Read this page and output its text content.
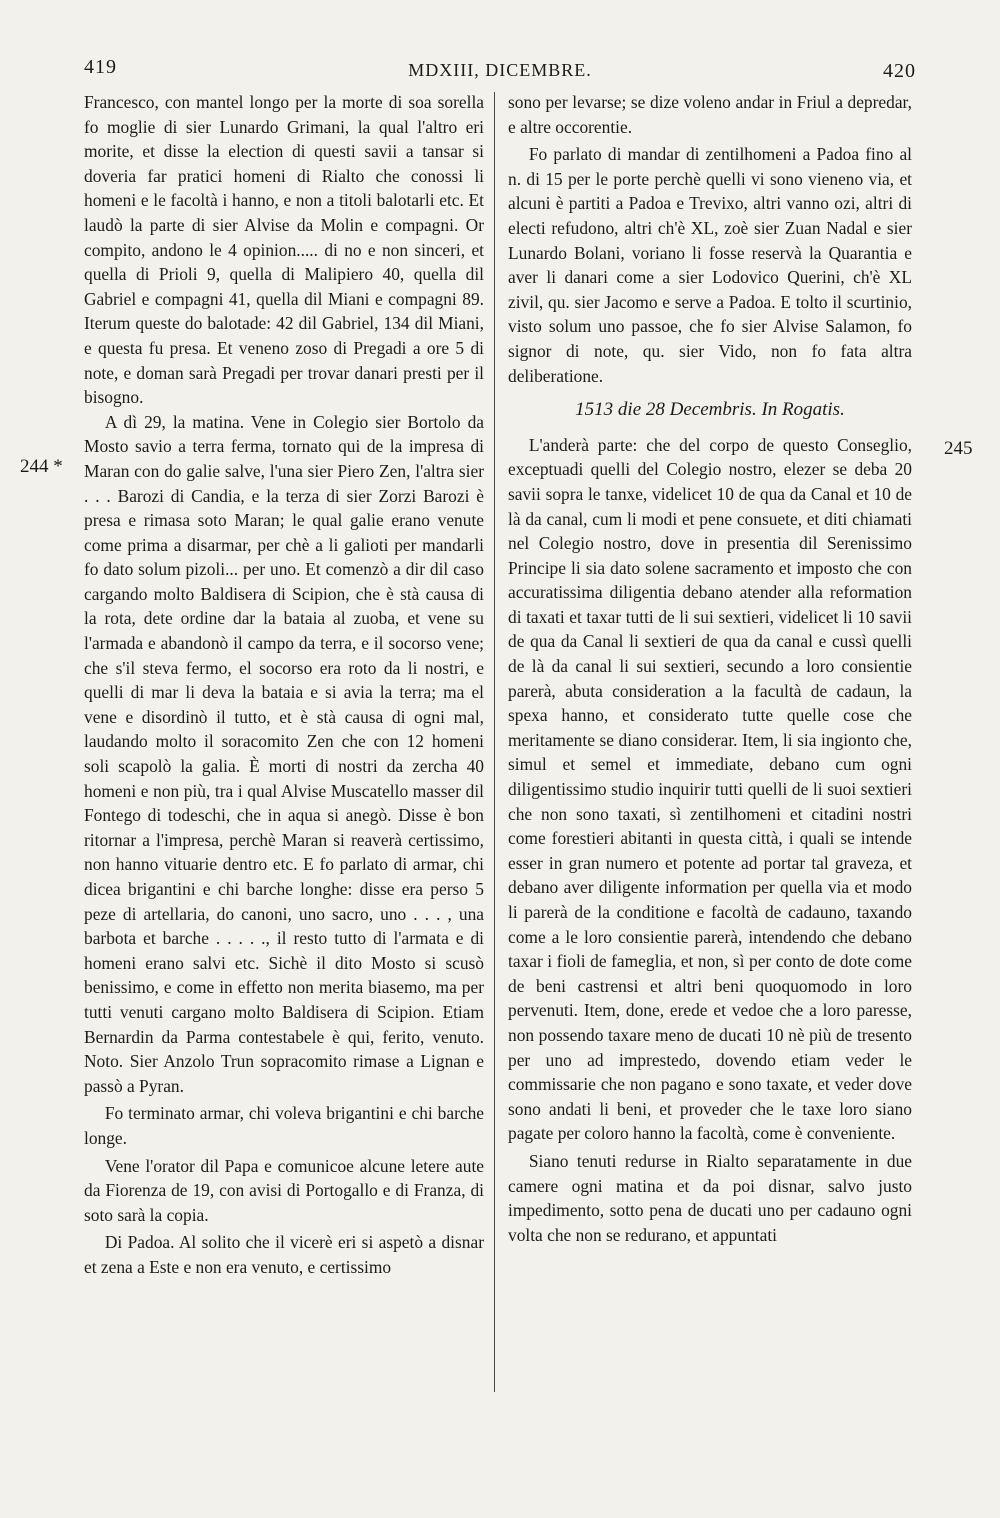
419	MDXIII, DICEMBRE.	420
244 *
245

Francesco, con mantel longo per la morte di soa sorella fo moglie di sier Lunardo Grimani, la qual l'altro eri morite, et disse la election di questi savii a tansar si doveria far pratici homeni di Rialto che conossi li homeni e le facoltà i hanno, e non a titoli balotarli etc. Et laudò la parte di sier Alvise da Molin e compagni. Or compito, andono le 4 opinion..... di no e non sinceri, et quella di Prioli 9, quella di Malipiero 40, quella dil Gabriel e compagni 41, quella dil Miani e compagni 89. Iterum queste do balotade: 42 dil Gabriel, 134 dil Miani, e questa fu presa. Et veneno zoso di Pregadi a ore 5 di note, e doman sarà Pregadi per trovar danari presti per il bisogno.

A dì 29, la matina. Vene in Colegio sier Bortolo da Mosto savio a terra ferma, tornato qui de la impresa di Maran con do galie salve, l'una sier Piero Zen, l'altra sier . . . Barozi di Candia, e la terza di sier Zorzi Barozi è presa e rimasa soto Maran; le qual galie erano venute come prima a disarmar, per chè a li galioti per mandarli fo dato solum pizoli... per uno. Et comenzò a dir dil caso cargando molto Baldisera di Scipion, che è stà causa di la rota, dete ordine dar la bataia al zuoba, et vene su l'armada e abandonò il campo da terra, e il socorso vene; che s'il steva fermo, el socorso era roto da li nostri, e quelli di mar li deva la bataia e si avia la terra; ma el vene e disordinò il tutto, et è stà causa di ogni mal, laudando molto il soracomito Zen che con 12 homeni soli scapolò la galia. È morti di nostri da zercha 40 homeni e non più, tra i qual Alvise Muscatello masser dil Fontego di todeschi, che in aqua si anegò. Disse è bon ritornar a l'impresa, perchè Maran si reaverà certissimo, non hanno vituarie dentro etc. E fo parlato di armar, chi dicea brigantini e chi barche longhe: disse era perso 5 peze di artellaria, do canoni, uno sacro, uno . . . , una barbota et barche . . . . ., il resto tutto di l'armata e di homeni erano salvi etc. Sichè il dito Mosto si scusò benissimo, e come in effetto non merita biasemo, ma per tutti venuti cargano molto Baldisera di Scipion. Etiam Bernardin da Parma contestabele è qui, ferito, venuto. Noto. Sier Anzolo Trun sopracomito rimase a Lignan e passò a Pyran.

Fo terminato armar, chi voleva brigantini e chi barche longe.

Vene l'orator dil Papa e comunicoe alcune letere aute da Fiorenza de 19, con avisi di Portogallo e di Franza, di soto sarà la copia.

Di Padoa. Al solito che il vicerè eri si aspetò a disnar et zena a Este e non era venuto, e certissimo

sono per levarse; se dize voleno andar in Friul a depredar, e altre occorentie.

Fo parlato di mandar di zentilhomeni a Padoa fino al n. di 15 per le porte perchè quelli vi sono vieneno via, et alcuni è partiti a Padoa e Trevixo, altri vanno ozi, altri di electi refudono, altri ch'è XL, zoè sier Zuan Nadal e sier Lunardo Bolani, voriano li fosse reservà la Quarantia e aver li danari come a sier Lodovico Querini, ch'è XL zivil, qu. sier Jacomo e serve a Padoa. E tolto il scurtinio, visto solum uno passoe, che fo sier Alvise Salamon, fo signor di note, qu. sier Vido, non fo fata altra deliberatione.

1513 die 28 Decembris. In Rogatis.

L'anderà parte: che del corpo de questo Conseglio, exceptuadi quelli del Colegio nostro, elezer se deba 20 savii sopra le tanxe, videlicet 10 de qua da Canal et 10 de là da canal, cum li modi et pene consuete, et diti chiamati nel Colegio nostro, dove in presentia dil Serenissimo Principe li sia dato solene sacramento et imposto che con accuratissima diligentia debano atender alla reformation di taxati et taxar tutti de li sui sextieri, videlicet li 10 savii de qua da Canal li sextieri de qua da canal e cussì quelli de là da canal li sui sextieri, secundo a loro consientie parerà, abuta consideration a la facultà de cadaun, la spexa hanno, et considerato tutte quelle cose che meritamente se diano considerar. Item, li sia ingionto che, simul et semel et immediate, debano cum ogni diligentissimo studio inquirir tutti quelli de li suoi sextieri che non sono taxati, sì zentilhomeni et citadini nostri come forestieri abitanti in questa città, i quali se intende esser in gran numero et potente ad portar tal graveza, et debano aver diligente information per quella via et modo li parerà de la conditione e facoltà de cadauno, taxando come a le loro consientie parerà, intendendo che debano taxar i fioli de fameglia, et non, sì per conto de dote come de beni castrensi et altri beni quoquomodo in loro pervenuti. Item, done, erede et vedoe che a loro paresse, non possendo taxare meno de ducati 10 nè più de tresento per uno ad imprestedo, dovendo etiam veder le commissarie che non pagano e sono taxate, et veder dove sono andati li beni, et proveder che le taxe loro siano pagate per coloro hanno la facoltà, come è conveniente.

Siano tenuti redurse in Rialto separatamente in due camere ogni matina et da poi disnar, salvo justo impedimento, sotto pena de ducati uno per cadauno ogni volta che non se redurano, et appuntati
